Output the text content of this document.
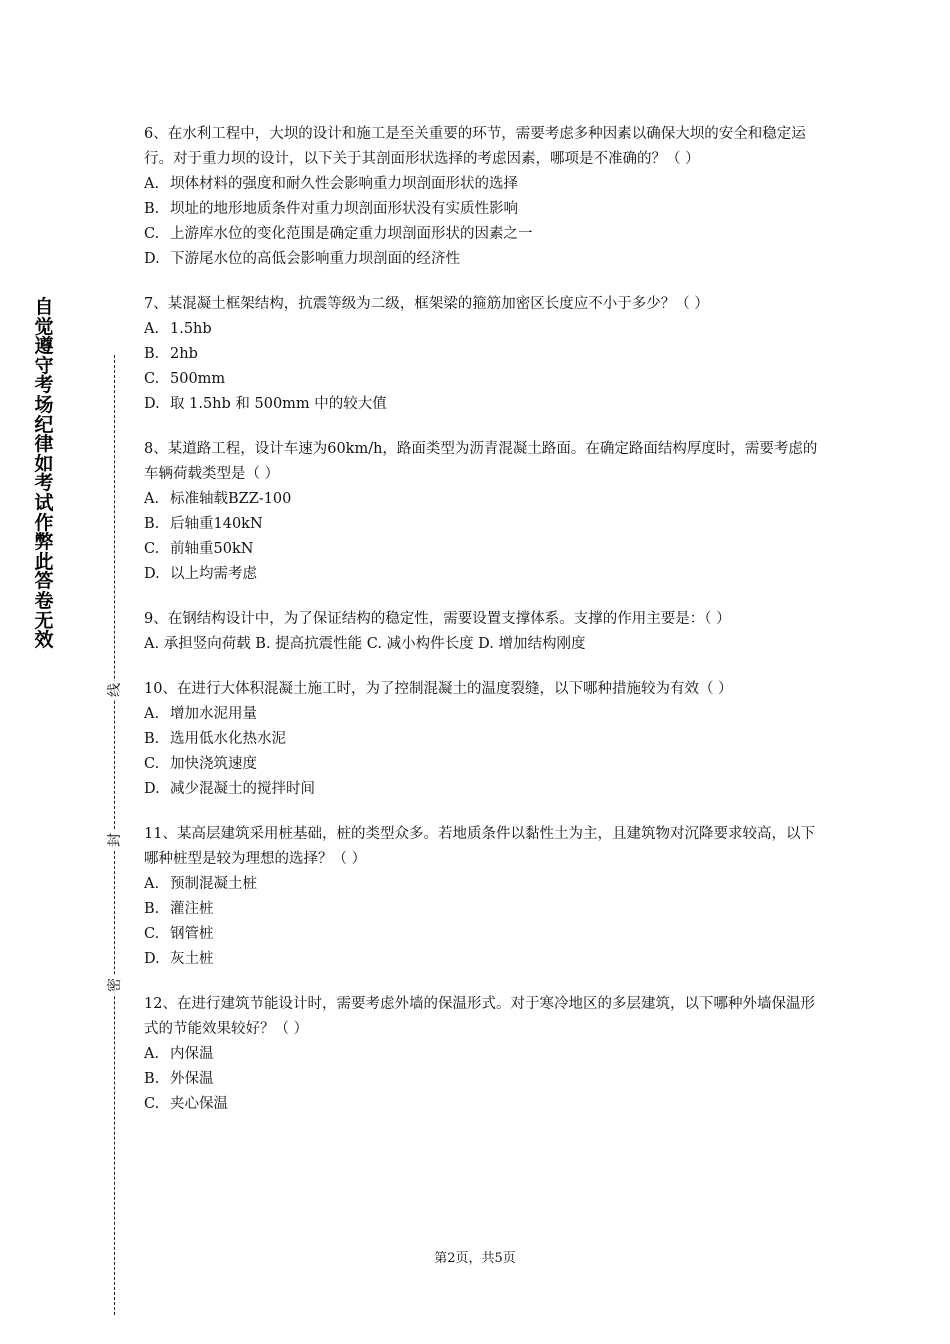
自觉遵守考场纪律如考试作弊此答卷无效
线
封
密
6、在水利工程中，大坝的设计和施工是至关重要的环节，需要考虑多种因素以确保大坝的安全和稳定运行。对于重力坝的设计，以下关于其剖面形状选择的考虑因素，哪项是不准确的？（ ）
A. 坝体材料的强度和耐久性会影响重力坝剖面形状的选择
B. 坝址的地形地质条件对重力坝剖面形状没有实质性影响
C. 上游库水位的变化范围是确定重力坝剖面形状的因素之一
D. 下游尾水位的高低会影响重力坝剖面的经济性
7、某混凝土框架结构，抗震等级为二级，框架梁的箍筋加密区长度应不小于多少？（ ）
A. 1.5hb
B. 2hb
C. 500mm
D. 取 1.5hb 和 500mm 中的较大值
8、某道路工程，设计车速为60km/h，路面类型为沥青混凝土路面。在确定路面结构厚度时，需要考虑的车辆荷载类型是（ ）
A. 标准轴载BZZ-100
B. 后轴重140kN
C. 前轴重50kN
D. 以上均需考虑
9、在钢结构设计中，为了保证结构的稳定性，需要设置支撑体系。支撑的作用主要是：（ ）
A. 承担竖向荷载 B. 提高抗震性能 C. 减小构件长度 D. 增加结构刚度
10、在进行大体积混凝土施工时，为了控制混凝土的温度裂缝，以下哪种措施较为有效（ ）
A. 增加水泥用量
B. 选用低水化热水泥
C. 加快浇筑速度
D. 减少混凝土的搅拌时间
11、某高层建筑采用桩基础，桩的类型众多。若地质条件以黏性土为主，且建筑物对沉降要求较高，以下哪种桩型是较为理想的选择？（ ）
A. 预制混凝土桩
B. 灌注桩
C. 钢管桩
D. 灰土桩
12、在进行建筑节能设计时，需要考虑外墙的保温形式。对于寒冷地区的多层建筑，以下哪种外墙保温形式的节能效果较好？（ ）
A. 内保温
B. 外保温
C. 夹心保温
第2页，共5页
